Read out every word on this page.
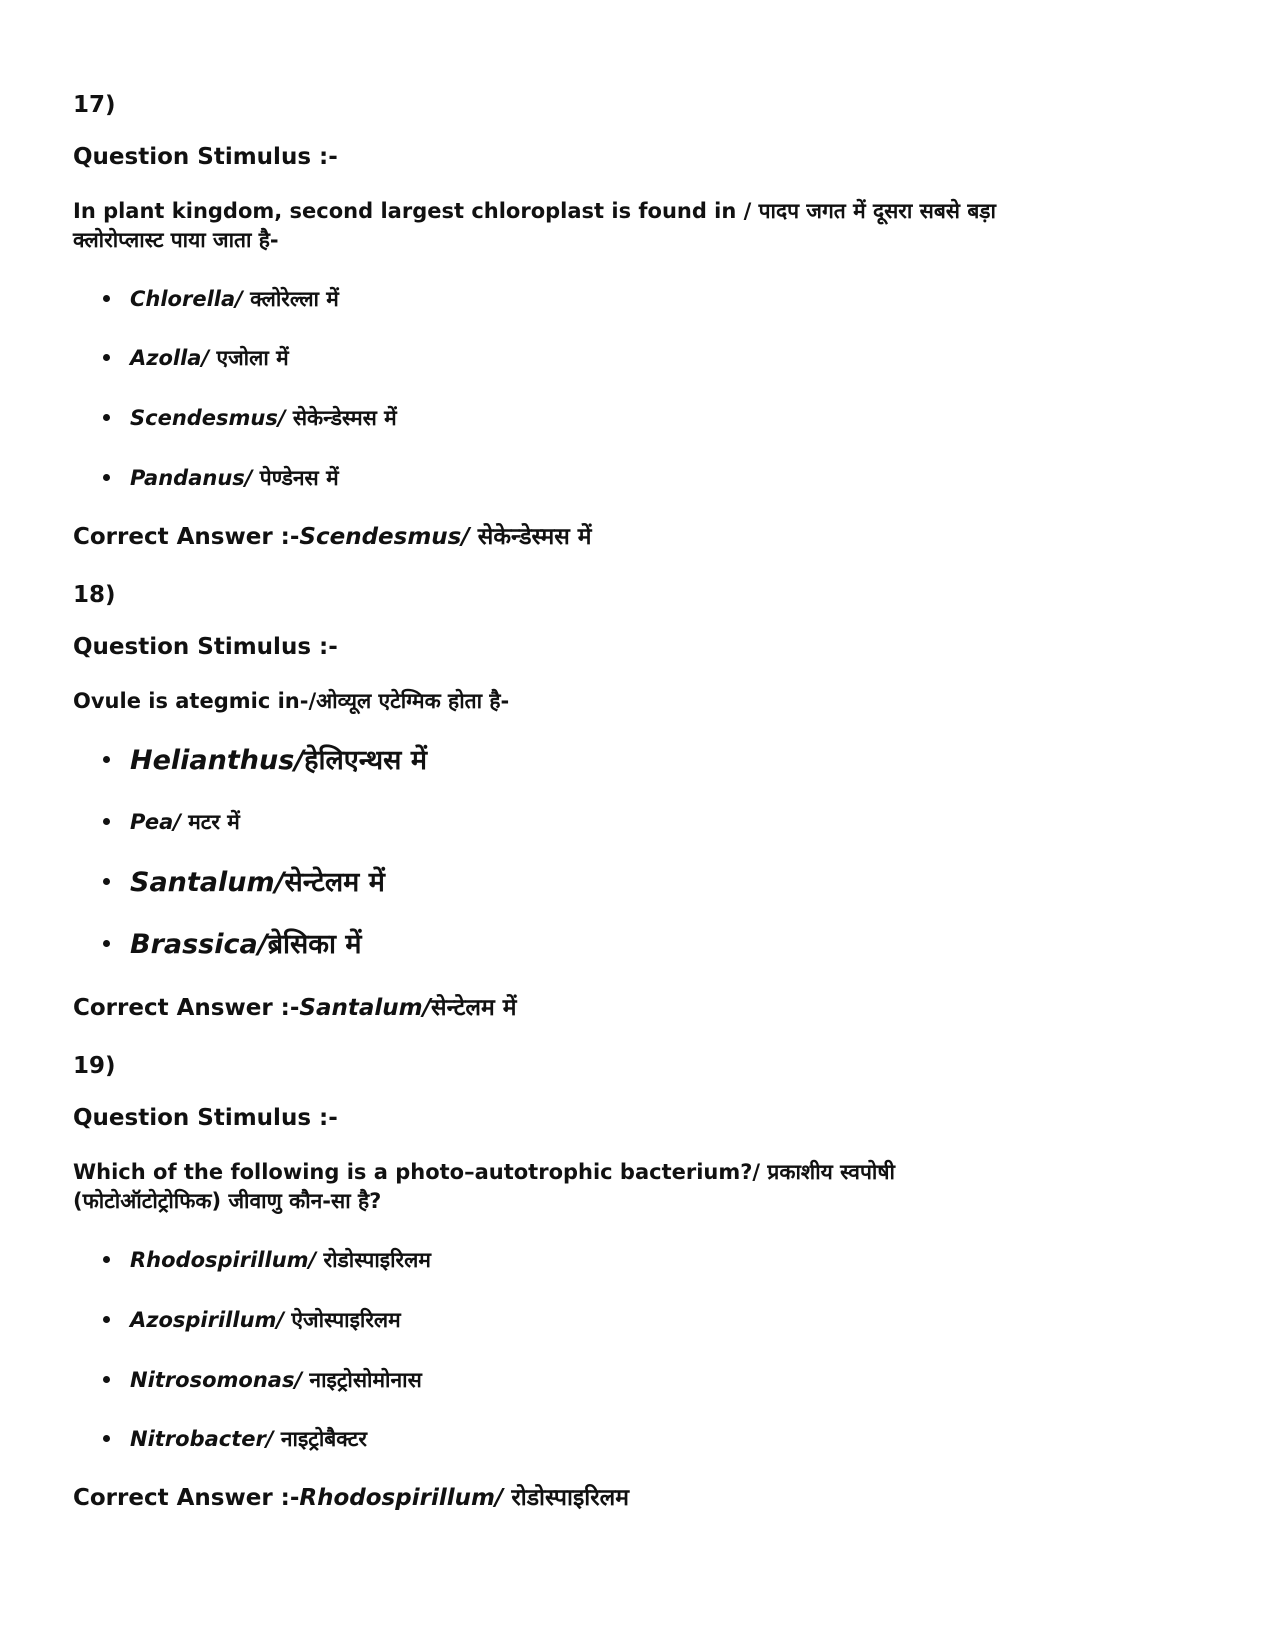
17)

Question Stimulus :-

In plant kingdom, second largest chloroplast is found in / पादप जगत में दूसरा सबसे बड़ा

क्लोरोप्लास्ट पाया जाता है-

Chlorella/ क्लोरेल्ला में

Azolla/ एजोला में

Scendesmus/ सेकेन्डेस्मस में

Pandanus/ पेण्डेनस में

Correct Answer :-Scendesmus/ सेकेन्डेस्मस में

18)

Question Stimulus :-

Ovule is ategmic in-/ओव्यूल एटेग्मिक होता है-

Helianthus/हेलिएन्थस में

Pea/ मटर में

Santalum/सेन्टेलम में

Brassica/ब्रेसिका में

Correct Answer :-Santalum/सेन्टेलम में

19)

Question Stimulus :-

Which of the following is a photo–autotrophic bacterium?/ प्रकाशीय स्वपोषी

(फोटोऑटोट्रोफिक) जीवाणु कौन-सा है?

Rhodospirillum/ रोडोस्पाइरिलम

Azospirillum/ ऐजोस्पाइरिलम

Nitrosomonas/ नाइट्रोसोमोनास

Nitrobacter/ नाइट्रोबैक्टर

Correct Answer :-Rhodospirillum/ रोडोस्पाइरिलम
